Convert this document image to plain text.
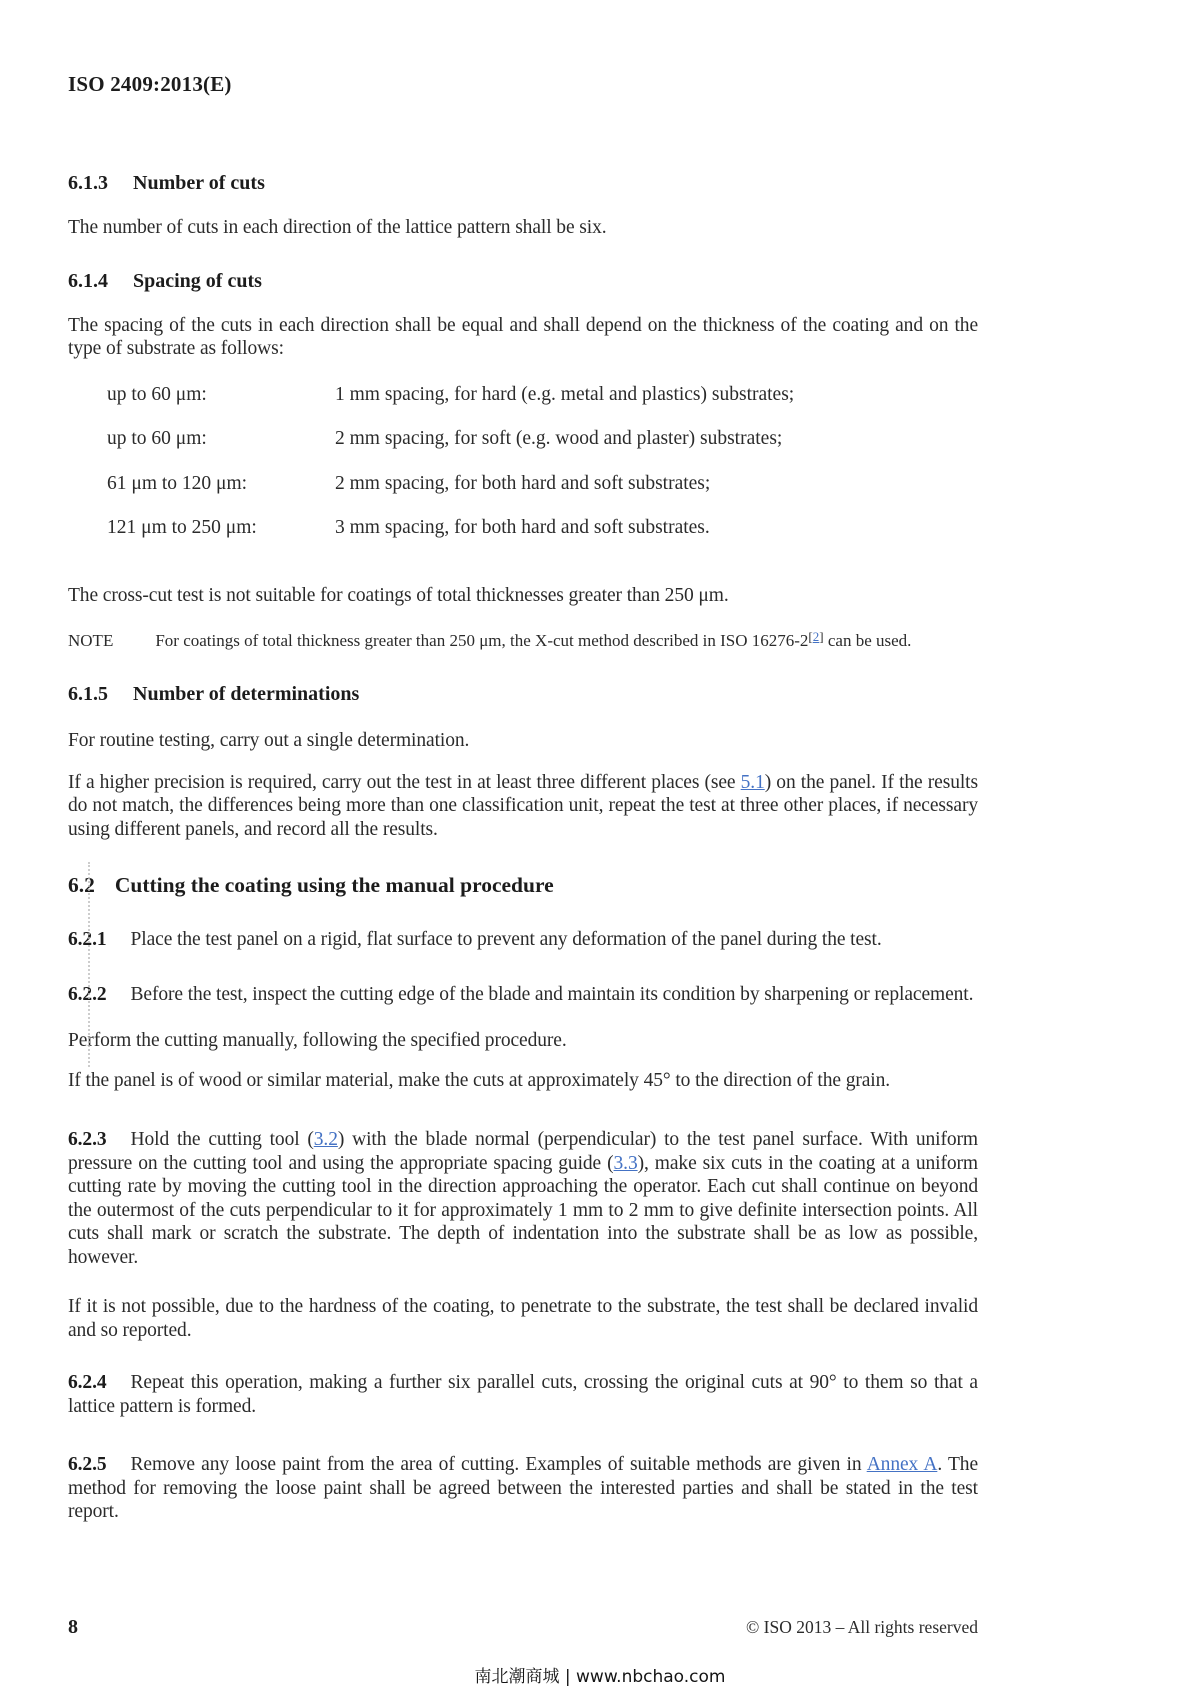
ISO 2409:2013(E)
6.1.3 Number of cuts

The number of cuts in each direction of the lattice pattern shall be six.

6.1.4 Spacing of cuts

The spacing of the cuts in each direction shall be equal and shall depend on the thickness of the coating and on the type of substrate as follows:

up to 60 μm:	1 mm spacing, for hard (e.g. metal and plastics) substrates;
up to 60 μm:	2 mm spacing, for soft (e.g. wood and plaster) substrates;
61 μm to 120 μm:	2 mm spacing, for both hard and soft substrates;
121 μm to 250 μm:	3 mm spacing, for both hard and soft substrates.

The cross-cut test is not suitable for coatings of total thicknesses greater than 250 μm.

NOTE For coatings of total thickness greater than 250 μm, the X-cut method described in ISO 16276-2[2] can be used.

6.1.5 Number of determinations

For routine testing, carry out a single determination.

If a higher precision is required, carry out the test in at least three different places (see 5.1) on the panel. If the results do not match, the differences being more than one classification unit, repeat the test at three other places, if necessary using different panels, and record all the results.

6.2 Cutting the coating using the manual procedure

6.2.1 Place the test panel on a rigid, flat surface to prevent any deformation of the panel during the test.

6.2.2 Before the test, inspect the cutting edge of the blade and maintain its condition by sharpening or replacement.

Perform the cutting manually, following the specified procedure.

If the panel is of wood or similar material, make the cuts at approximately 45° to the direction of the grain.

6.2.3 Hold the cutting tool (3.2) with the blade normal (perpendicular) to the test panel surface. With uniform pressure on the cutting tool and using the appropriate spacing guide (3.3), make six cuts in the coating at a uniform cutting rate by moving the cutting tool in the direction approaching the operator. Each cut shall continue on beyond the outermost of the cuts perpendicular to it for approximately 1 mm to 2 mm to give definite intersection points. All cuts shall mark or scratch the substrate. The depth of indentation into the substrate shall be as low as possible, however.

If it is not possible, due to the hardness of the coating, to penetrate to the substrate, the test shall be declared invalid and so reported.

6.2.4 Repeat this operation, making a further six parallel cuts, crossing the original cuts at 90° to them so that a lattice pattern is formed.

6.2.5 Remove any loose paint from the area of cutting. Examples of suitable methods are given in Annex A. The method for removing the loose paint shall be agreed between the interested parties and shall be stated in the test report.

8	© ISO 2013 – All rights reserved
南北潮商城 | www.nbchao.com
